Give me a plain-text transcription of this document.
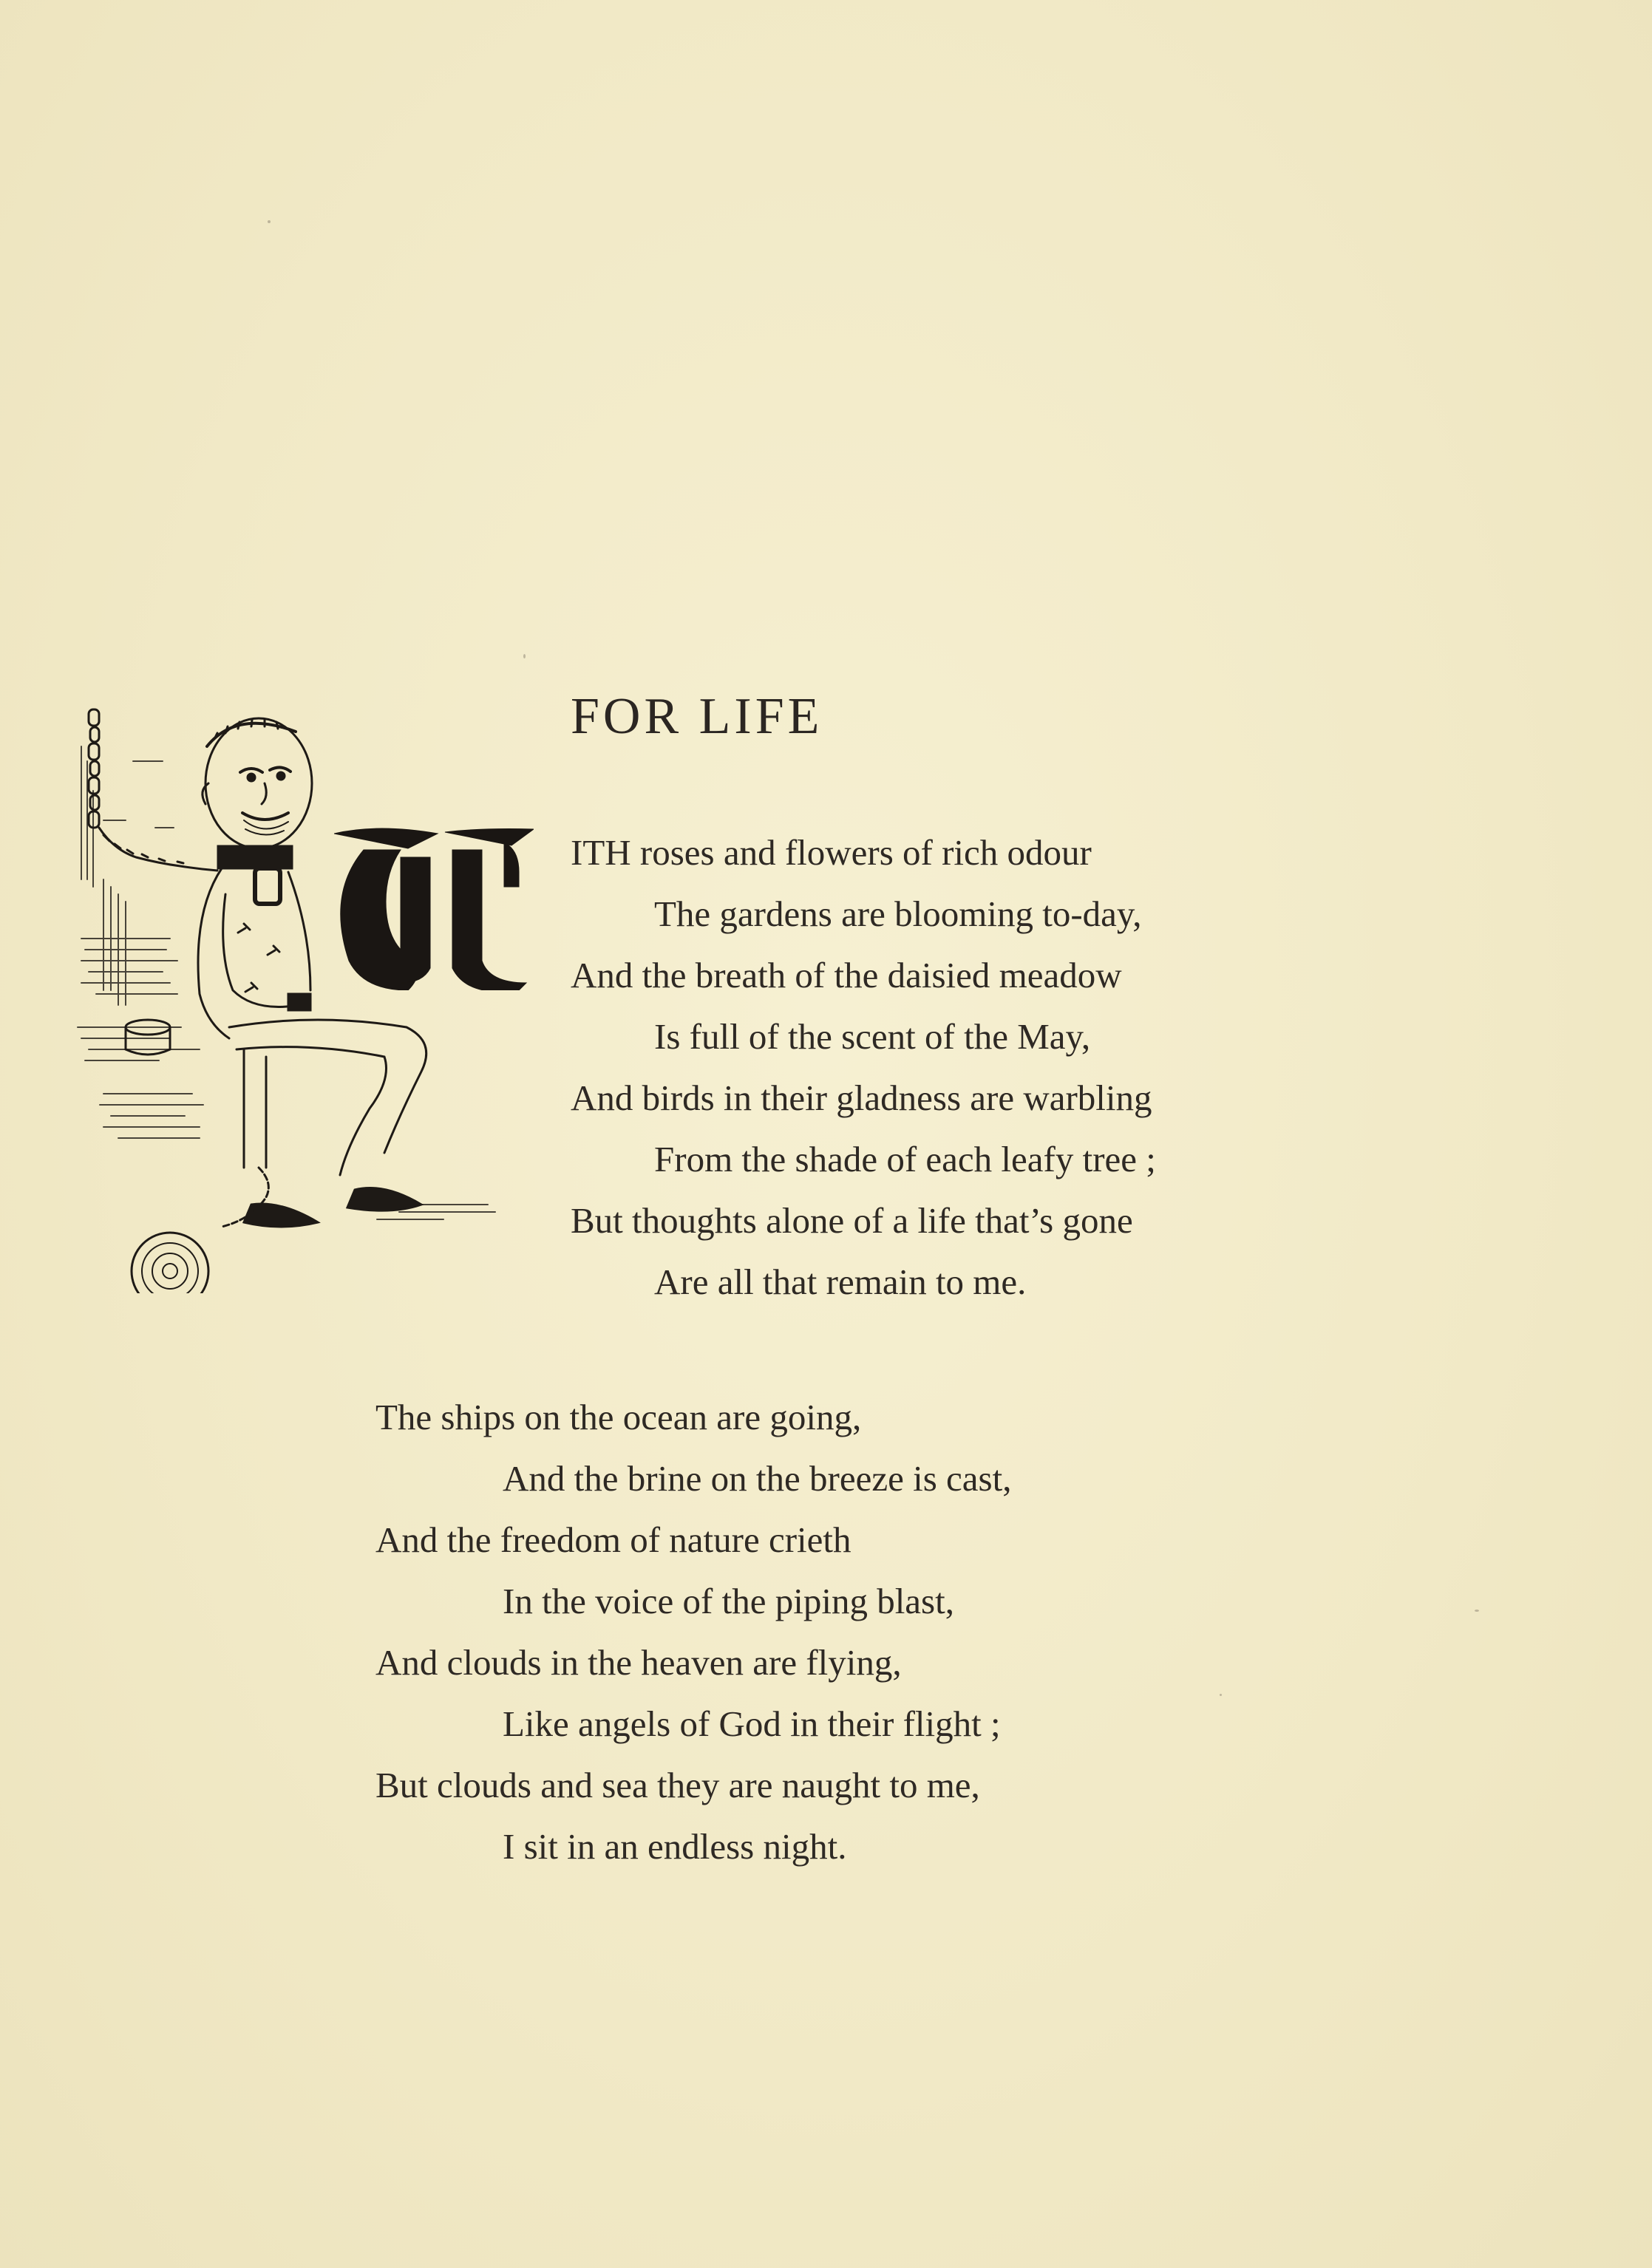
FOR LIFE
ITH roses and flowers of rich odour
The gardens are blooming to-day,
And the breath of the daisied meadow
Is full of the scent of the May,
And birds in their gladness are warbling
From the shade of each leafy tree ;
But thoughts alone of a life that’s gone
Are all that remain to me.
The ships on the ocean are going,
And the brine on the breeze is cast,
And the freedom of nature crieth
In the voice of the piping blast,
And clouds in the heaven are flying,
Like angels of God in their flight ;
But clouds and sea they are naught to me,
I sit in an endless night.
